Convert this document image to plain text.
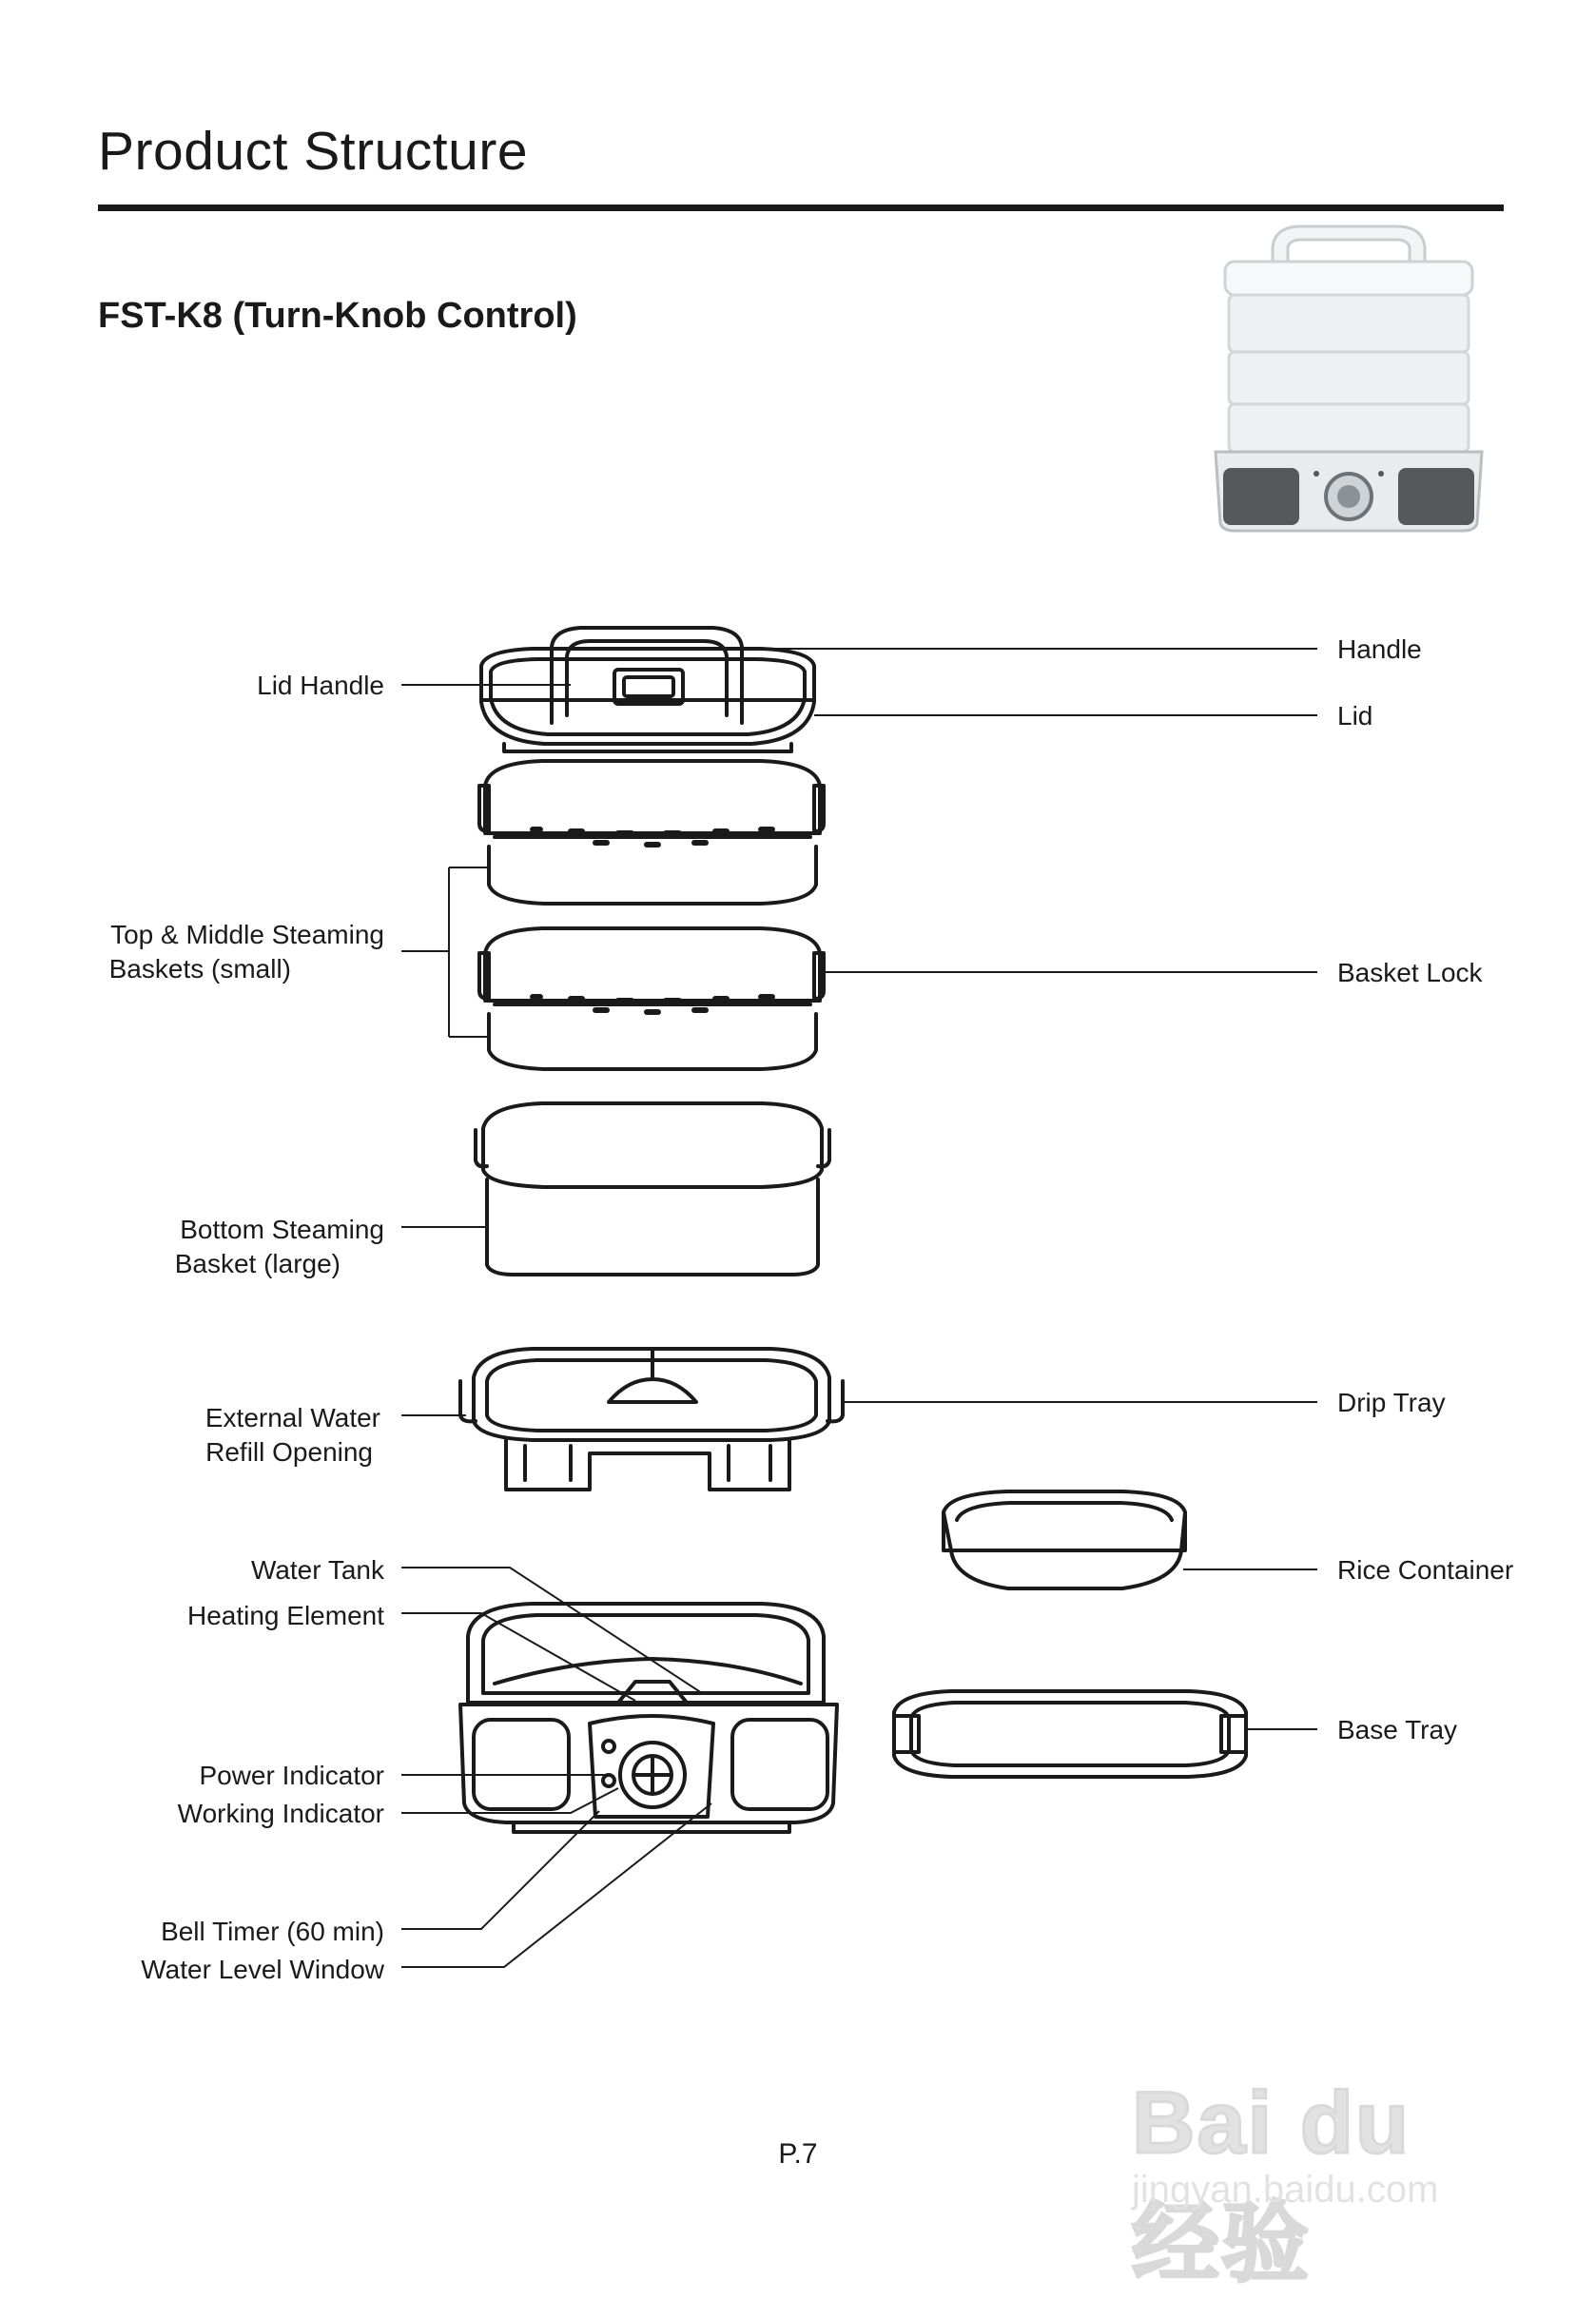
Product Structure
FST-K8 (Turn-Knob Control)
Lid Handle
Top & Middle Steaming
Baskets (small)
Bottom Steaming
Basket (large)
External Water
Refill Opening
Water Tank
Heating Element
Power Indicator
Working Indicator
Bell Timer (60 min)
Water Level Window
Handle
Lid
Basket Lock
Drip Tray
Rice Container
Base Tray
P.7	Bai du 经验
jingyan.baidu.com
